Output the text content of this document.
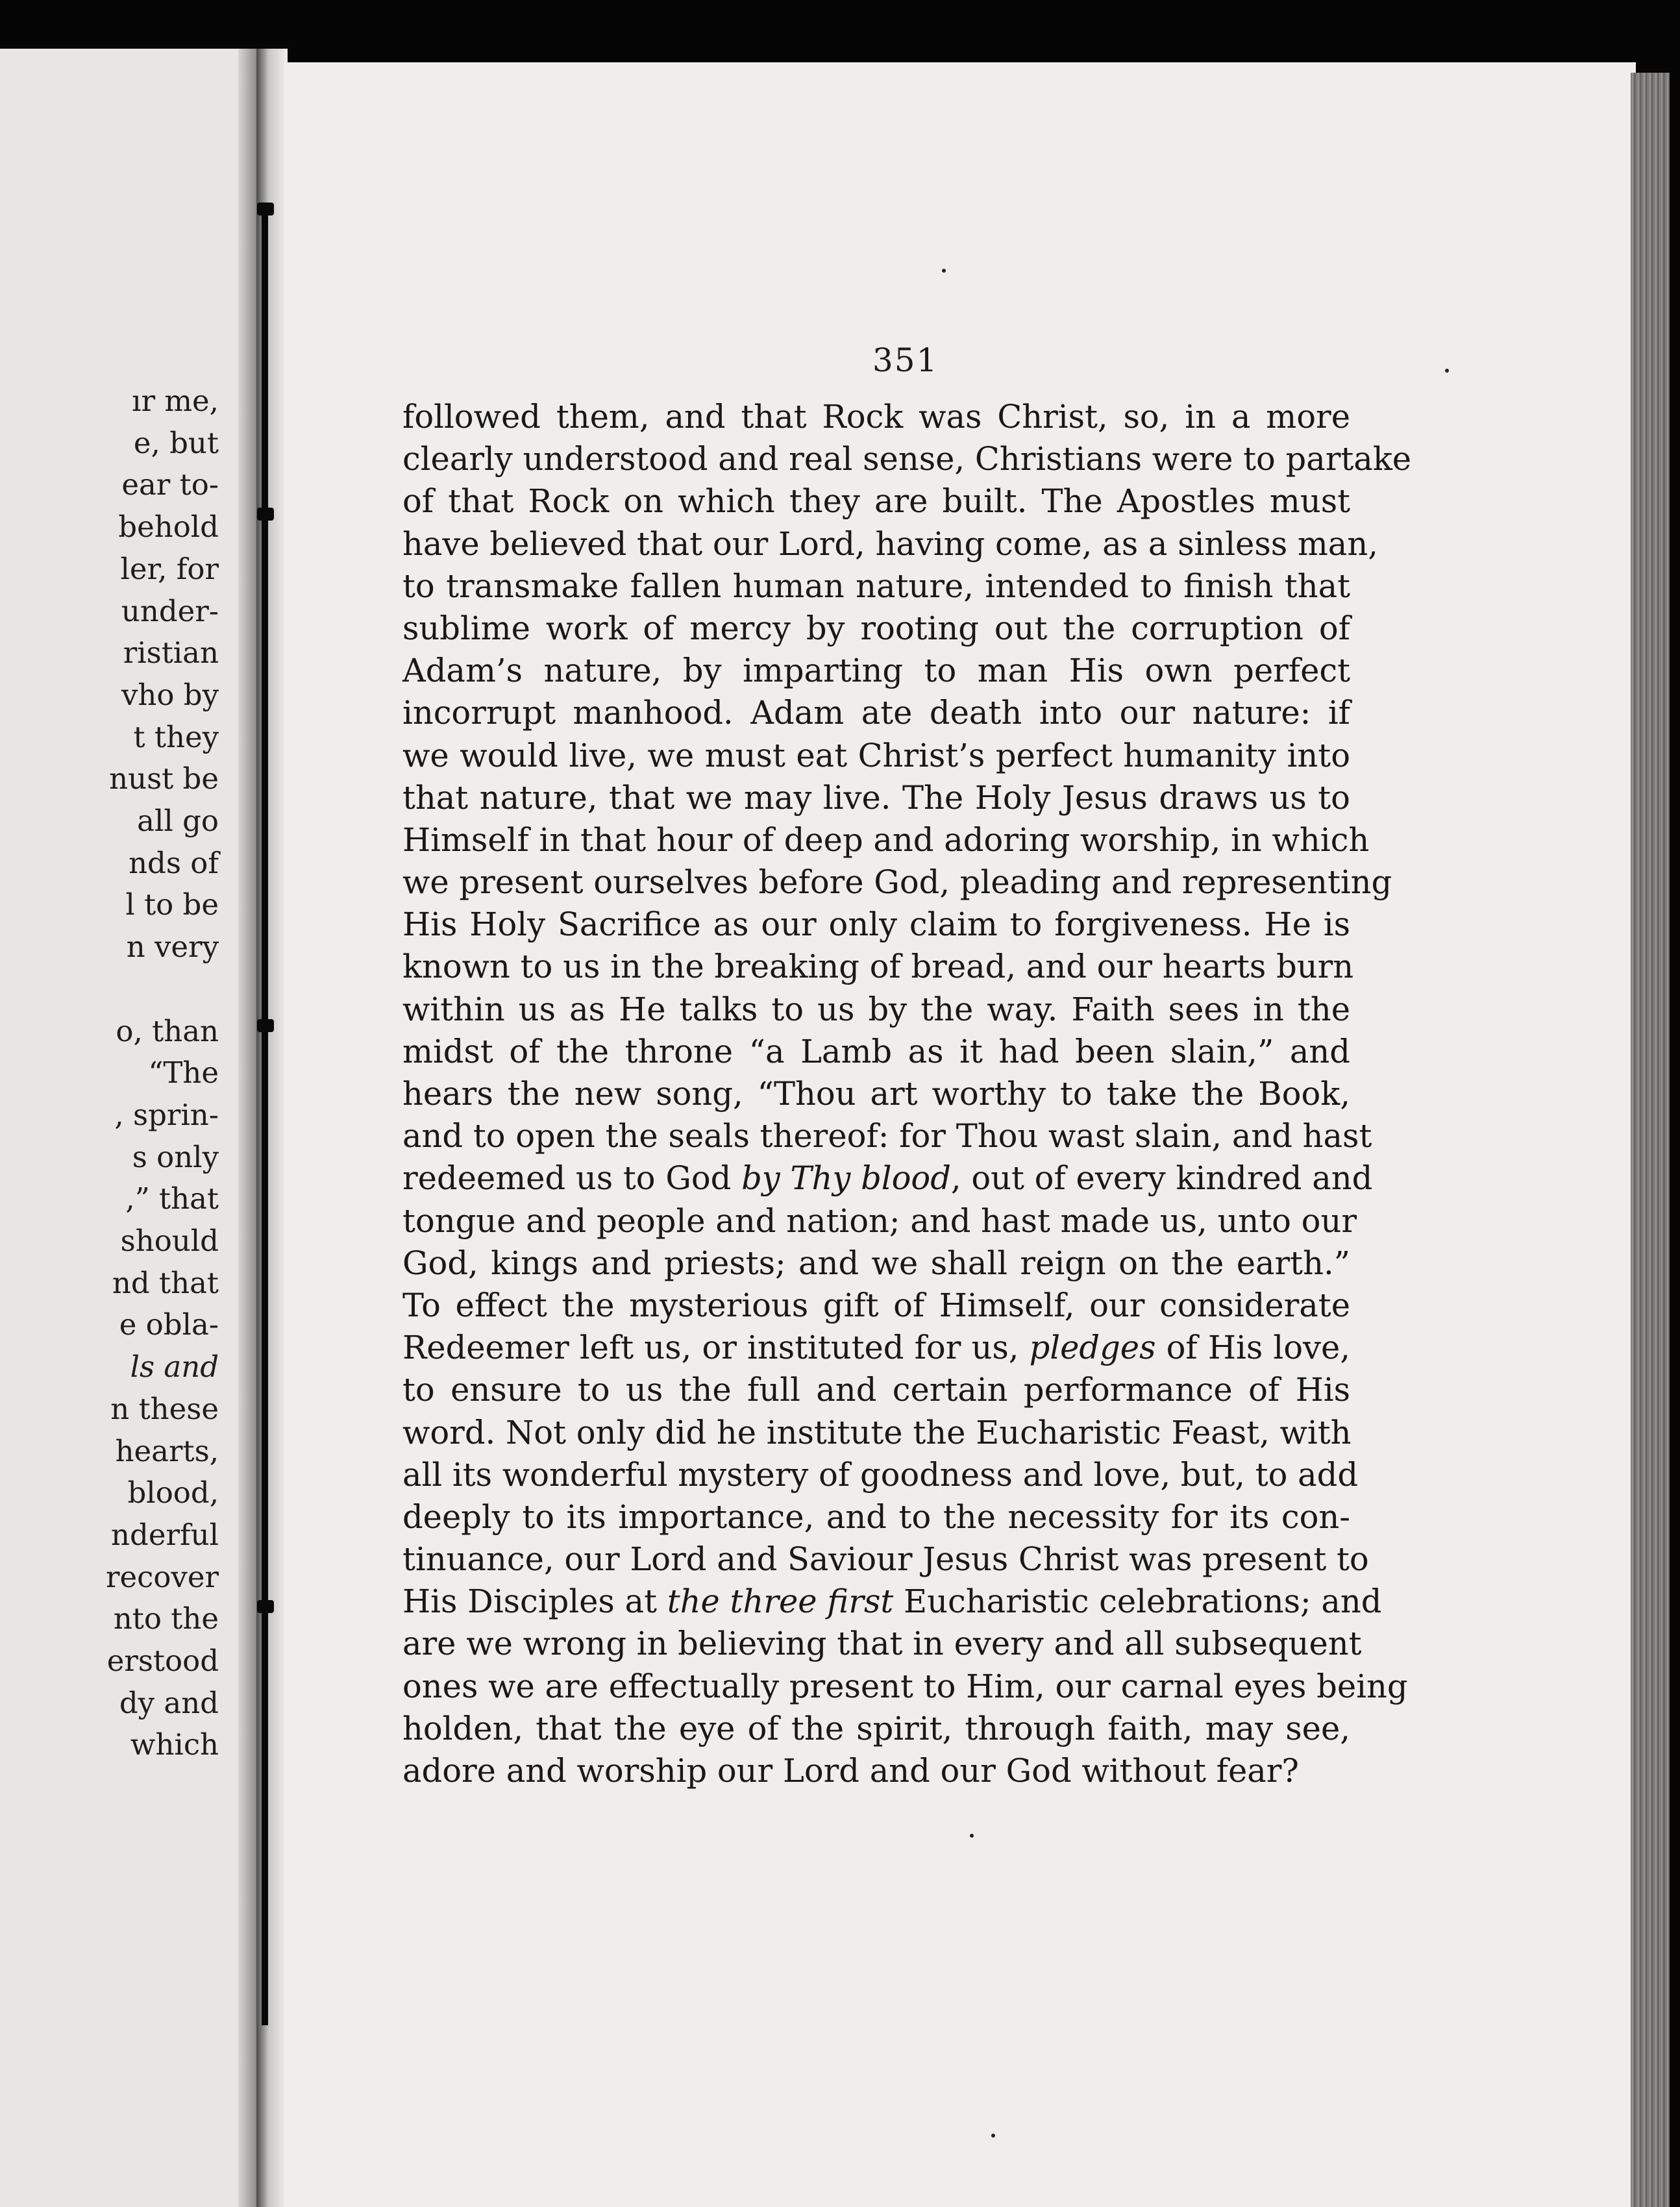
ır me,
e, but
ear to-
behold
ler, for
under-
ristian
vho by
t they
nust be
all go
nds of
l to be
n very
o, than
“The
, sprin-
s only
,” that
should
nd that
e obla-
ls and
n these
hearts,
blood,
nderful
recover
nto the
erstood
dy and
which
351
followed them, and that Rock was Christ, so, in a more
clearly understood and real sense, Christians were to partake
of that Rock on which they are built. The Apostles must
have believed that our Lord, having come, as a sinless man,
to transmake fallen human nature, intended to finish that
sublime work of mercy by rooting out the corruption of
Adam’s nature, by imparting to man His own perfect
incorrupt manhood. Adam ate death into our nature: if
we would live, we must eat Christ’s perfect humanity into
that nature, that we may live. The Holy Jesus draws us to
Himself in that hour of deep and adoring worship, in which
we present ourselves before God, pleading and representing
His Holy Sacrifice as our only claim to forgiveness. He is
known to us in the breaking of bread, and our hearts burn
within us as He talks to us by the way. Faith sees in the
midst of the throne “a Lamb as it had been slain,” and
hears the new song, “Thou art worthy to take the Book,
and to open the seals thereof: for Thou wast slain, and hast
redeemed us to God by Thy blood, out of every kindred and
tongue and people and nation; and hast made us, unto our
God, kings and priests; and we shall reign on the earth.”
To effect the mysterious gift of Himself, our considerate
Redeemer left us, or instituted for us, pledges of His love,
to ensure to us the full and certain performance of His
word. Not only did he institute the Eucharistic Feast, with
all its wonderful mystery of goodness and love, but, to add
deeply to its importance, and to the necessity for its con-
tinuance, our Lord and Saviour Jesus Christ was present to
His Disciples at the three first Eucharistic celebrations; and
are we wrong in believing that in every and all subsequent
ones we are effectually present to Him, our carnal eyes being
holden, that the eye of the spirit, through faith, may see,
adore and worship our Lord and our God without fear?
